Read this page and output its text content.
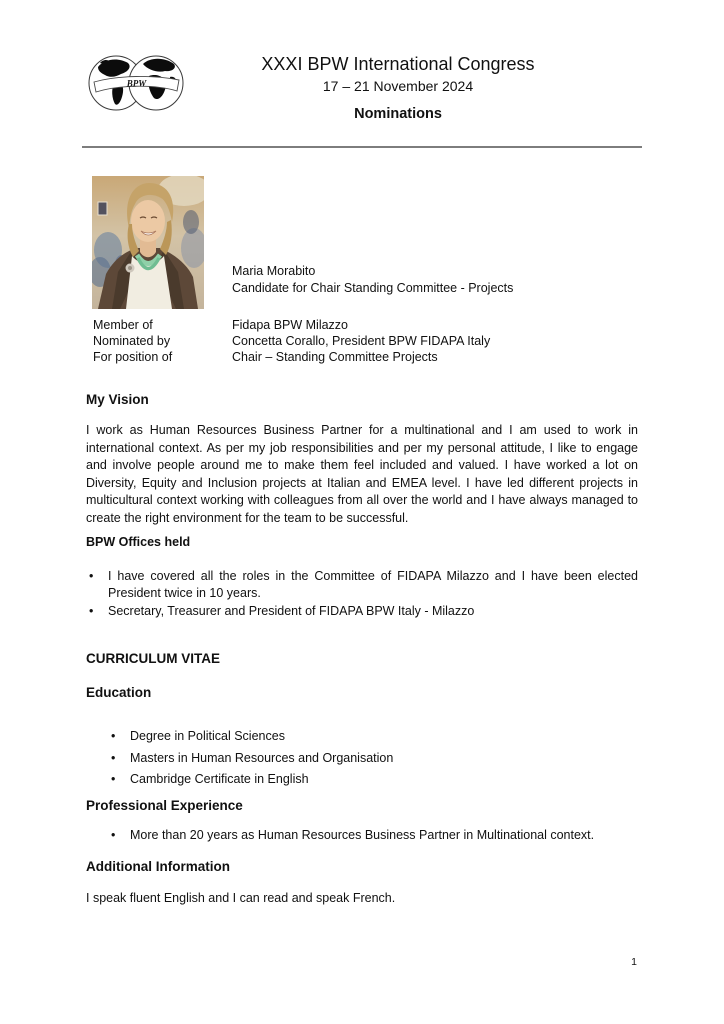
BPW
XXXI BPW International Congress
17 – 21 November 2024
Nominations
Maria Morabito
Candidate for Chair Standing Committee - Projects
Member of	Fidapa BPW Milazzo
Nominated by	Concetta Corallo, President BPW FIDAPA Italy
For position of	Chair – Standing Committee Projects
My Vision

I work as Human Resources Business Partner for a multinational and I am used to work in international context. As per my job responsibilities and per my personal attitude, I like to engage and involve people around me to make them feel included and valued. I have worked a lot on Diversity, Equity and Inclusion projects at Italian and EMEA level. I have led different projects in multicultural context working with colleagues from all over the world and I have always managed to create the right environment for the team to be successful.

BPW Offices held
• I have covered all the roles in the Committee of FIDAPA Milazzo and I have been elected President twice in 10 years.
• Secretary, Treasurer and President of FIDAPA BPW Italy - Milazzo
CURRICULUM VITAE
Education
• Degree in Political Sciences
• Masters in Human Resources and Organisation
• Cambridge Certificate in English
Professional Experience
• More than 20 years as Human Resources Business Partner in Multinational context.
Additional Information

I speak fluent English and I can read and speak French.

1
